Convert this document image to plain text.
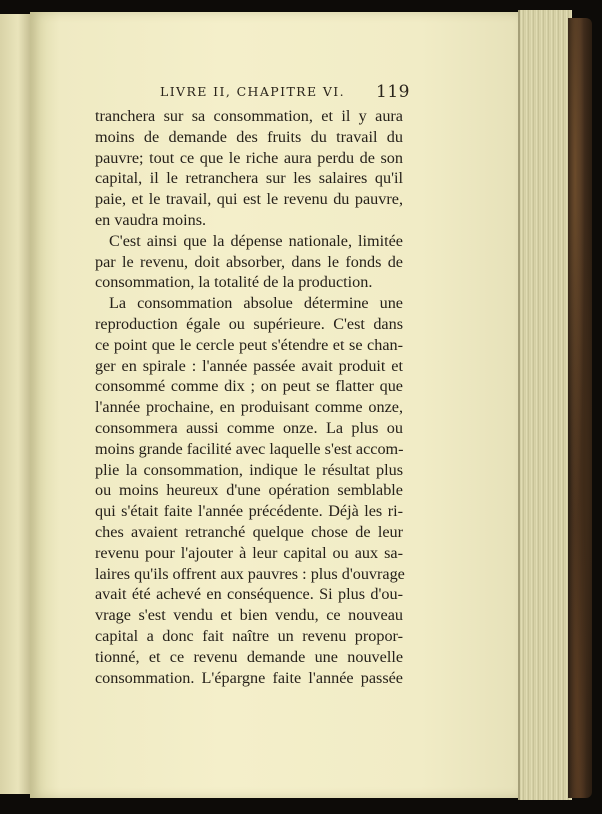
LIVRE II, CHAPITRE VI. 119
tranchera sur sa consommation, et il y aura
moins de demande des fruits du travail du
pauvre; tout ce que le riche aura perdu de son
capital, il le retranchera sur les salaires qu'il
paie, et le travail, qui est le revenu du pauvre,
en vaudra moins.
C'est ainsi que la dépense nationale, limitée
par le revenu, doit absorber, dans le fonds de
consommation, la totalité de la production.
La consommation absolue détermine une
reproduction égale ou supérieure. C'est dans
ce point que le cercle peut s'étendre et se chan-
ger en spirale : l'année passée avait produit et
consommé comme dix ; on peut se flatter que
l'année prochaine, en produisant comme onze,
consommera aussi comme onze. La plus ou
moins grande facilité avec laquelle s'est accom-
plie la consommation, indique le résultat plus
ou moins heureux d'une opération semblable
qui s'était faite l'année précédente. Déjà les ri-
ches avaient retranché quelque chose de leur
revenu pour l'ajouter à leur capital ou aux sa-
laires qu'ils offrent aux pauvres : plus d'ouvrage
avait été achevé en conséquence. Si plus d'ou-
vrage s'est vendu et bien vendu, ce nouveau
capital a donc fait naître un revenu propor-
tionné, et ce revenu demande une nouvelle
consommation. L'épargne faite l'année passée
